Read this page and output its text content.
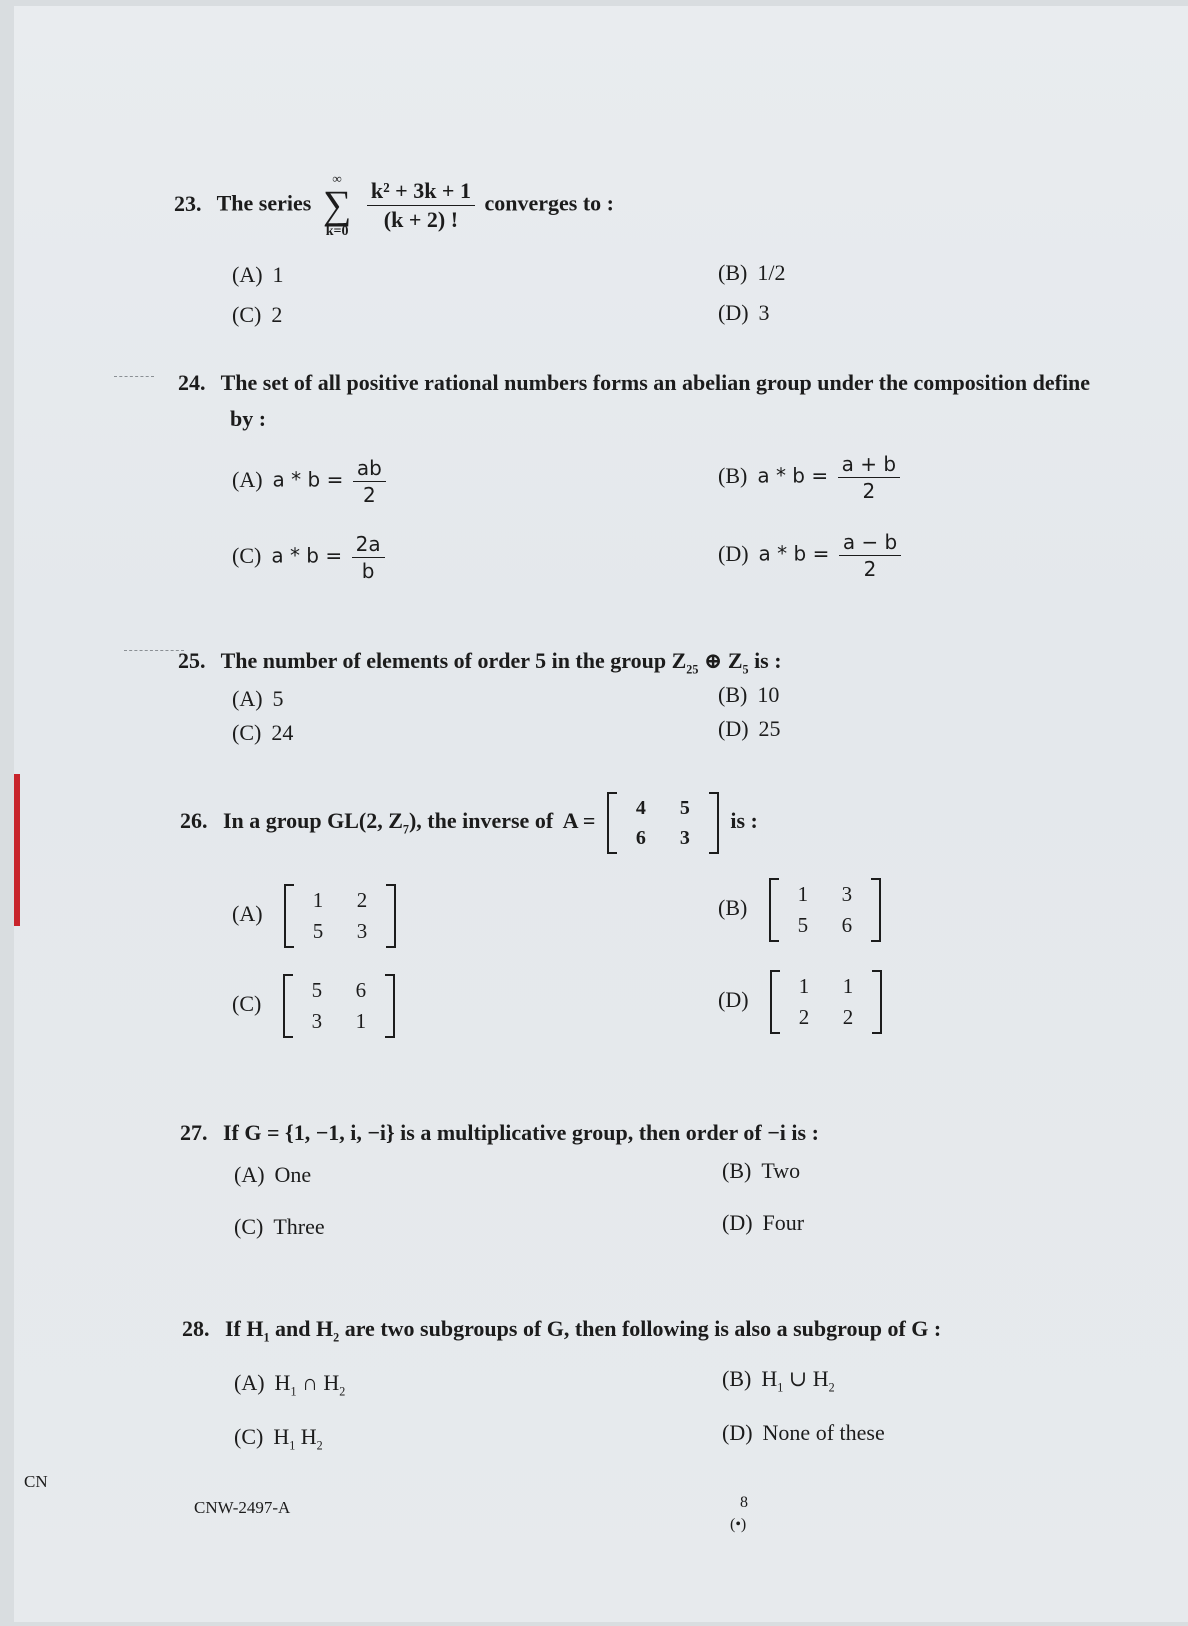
23. The series
∞
∑
k=0

$\frac{\text{k² + 3k + 1}}{(k + 2) !}$ converges to :
(A) 1	(B) 1/2
(C) 2	(D) 3
24. The set of all positive rational numbers forms an abelian group under the composition define
by :
(A) $a * b = \frac{ab}{2}$	(B) $a * b = \frac{a + b}{2}$
(C) $a * b = \frac{2a}{b}$	(D) $a * b = \frac{a - b}{2}$
25. The number of elements of order 5 in the group $Z_{25}$ ⊕ $Z_5$ is :
(A) 5	(B) 10
(C) 24	(D) 25
26. In a group GL(2, $Z_7$), the inverse of A =
4	5
6	3
is :
(A)
1	2
5	3
(B)
1	3
5	6
(C)
5	6
3	1
(D)
1	1
2	2
27. If G = {1, −1, i, −i} is a multiplicative group, then order of −i is :
(A) One	(B) Two
(C) Three	(D) Four
28. If $H_1$ and $H_2$ are two subgroups of G, then following is also a subgroup of G :
(A) $H_1$ ∩ $H_2$
(B) $H_1$ ∪ $H_2$
(C) $H_1$ $H_2$
(D) None of these
CN
CNW-2497-A	8
(•)
